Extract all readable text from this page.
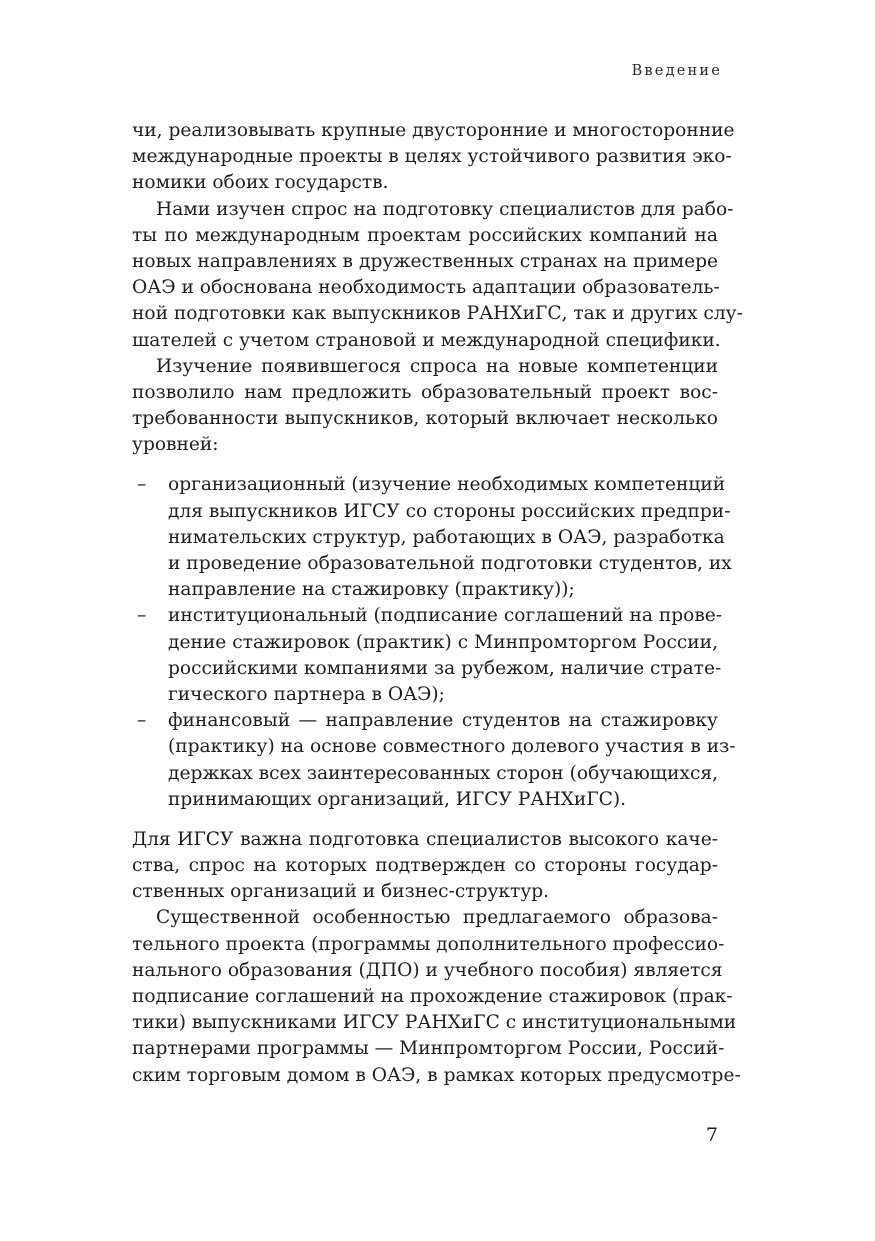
Введение
чи, реализовывать крупные двусторонние и многосторонние
международные проекты в целях устойчивого развития эко-
номики обоих государств.
Нами изучен спрос на подготовку специалистов для рабо-
ты по международным проектам российских компаний на
новых направлениях в дружественных странах на примере
ОАЭ и обоснована необходимость адаптации образователь-
ной подготовки как выпускников РАНХиГС, так и других слу-
шателей с учетом страновой и международной специфики.
Изучение появившегося спроса на новые компетенции
позволило нам предложить образовательный проект вос-
требованности выпускников, который включает несколько
уровней:
– организационный (изучение необходимых компетенций
для выпускников ИГСУ со стороны российских предпри-
нимательских структур, работающих в ОАЭ, разработка
и проведение образовательной подготовки студентов, их
направление на стажировку (практику));
– институциональный (подписание соглашений на прове-
дение стажировок (практик) с Минпромторгом России,
российскими компаниями за рубежом, наличие страте-
гического партнера в ОАЭ);
– финансовый — направление студентов на стажировку
(практику) на основе совместного долевого участия в из-
держках всех заинтересованных сторон (обучающихся,
принимающих организаций, ИГСУ РАНХиГС).
Для ИГСУ важна подготовка специалистов высокого каче-
ства, спрос на которых подтвержден со стороны государ-
ственных организаций и бизнес-структур.
Существенной особенностью предлагаемого образова-
тельного проекта (программы дополнительного профессио-
нального образования (ДПО) и учебного пособия) является
подписание соглашений на прохождение стажировок (прак-
тики) выпускниками ИГСУ РАНХиГС с институциональными
партнерами программы — Минпромторгом России, Россий-
ским торговым домом в ОАЭ, в рамках которых предусмотре-
7
